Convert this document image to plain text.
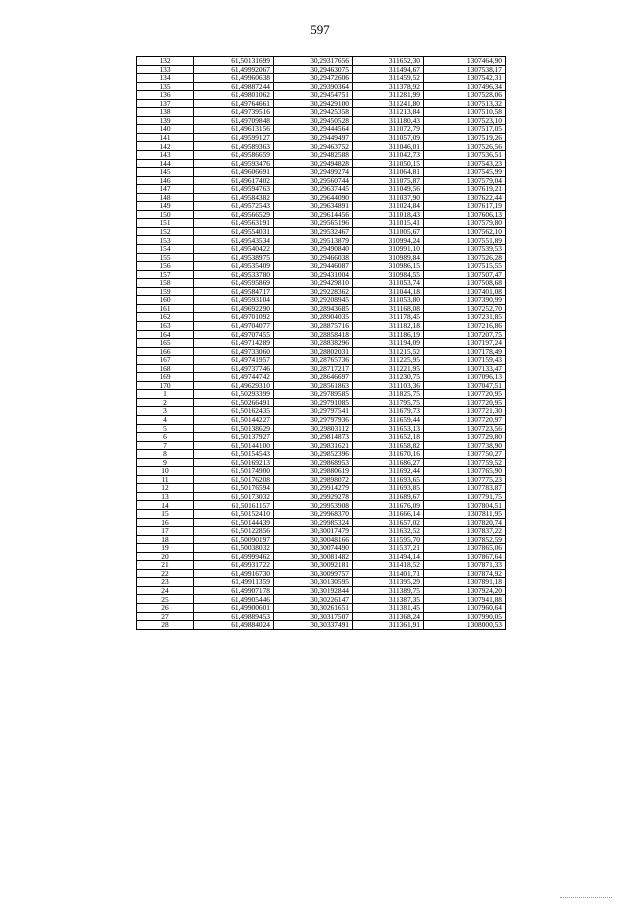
597
132	61,50131699	30,29317656	311652,30	1307464,90
133	61,49992067	30,29463075	311494,67	1307538,17
134	61,49960638	30,29472606	311459,52	1307542,31
135	61,49887244	30,29390364	311378,92	1307496,34
136	61,49801062	30,29454751	311281,99	1307528,06
137	61,49764661	30,29429100	311241,80	1307513,32
138	61,49739516	30,29425358	311213,84	1307510,58
139	61,49709848	30,29450528	311180,43	1307523,10
140	61,49613156	30,29444564	311072,79	1307517,05
141	61,49599127	30,29449497	311057,09	1307519,26
142	61,49589363	30,29463752	311046,01	1307526,56
143	61,49586659	30,29482588	311042,73	1307536,51
144	61,49593476	30,29494828	311050,15	1307543,23
145	61,49606691	30,29499274	311064,81	1307545,99
146	61,49617402	30,29560744	311075,87	1307579,04
147	61,49594763	30,29637445	311049,56	1307619,21
148	61,49584382	30,29644090	311037,90	1307622,44
149	61,49572543	30,29634891	311024,84	1307617,19
150	61,49566529	30,29614456	311018,43	1307606,13
151	61,49563191	30,29565196	311015,41	1307579,80
152	61,49554031	30,29532467	311005,67	1307562,10
153	61,49543534	30,29513879	310994,24	1307551,89
154	61,49540422	30,29490840	310991,10	1307539,53
155	61,49538975	30,29466038	310989,84	1307526,28
156	61,49535409	30,29446087	310986,15	1307515,55
157	61,49533780	30,29431004	310984,55	1307507,47
158	61,49595869	30,29429810	311053,74	1307508,68
159	61,49584717	30,29228362	311044,18	1307401,08
160	61,49593104	30,29208945	311053,80	1307390,99
161	61,49692290	30,28943685	311168,08	1307252,70
162	61,49701092	30,28904035	311178,45	1307231,85
163	61,49704077	30,28875716	311182,18	1307216,86
164	61,49707455	30,28858418	311186,19	1307207,75
165	61,49714289	30,28838296	311194,09	1307197,24
166	61,49733060	30,28802031	311215,52	1307178,49
167	61,49741957	30,28765736	311225,95	1307159,43
168	61,49737746	30,28717217	311221,95	1307133,47
169	61,49744742	30,28646697	311230,75	1307096,13
170	61,49629310	30,28561863	311103,36	1307047,51
1	61,50293399	30,29789585	311825,75	1307720,95
2	61,50266491	30,29791085	311795,75	1307720,95
3	61,50162435	30,29797541	311679,73	1307721,30
4	61,50144227	30,29797936	311659,44	1307720,97
5	61,50138629	30,29803112	311653,13	1307723,56
6	61,50137927	30,29814873	311652,18	1307729,80
7	61,50144100	30,29831621	311658,82	1307738,90
8	61,50154543	30,29852396	311670,16	1307750,27
9	61,50169213	30,29868953	311686,27	1307759,52
10	61,50174900	30,29880619	311692,44	1307765,90
11	61,50176208	30,29898072	311693,65	1307775,23
12	61,50176594	30,29914279	311693,85	1307783,87
13	61,50173032	30,29929278	311689,67	1307791,75
14	61,50161157	30,29953908	311676,09	1307804,51
15	61,50152410	30,29968370	311666,14	1307811,95
16	61,50144439	30,29985324	311657,02	1307820,74
17	61,50122856	30,30017479	311632,52	1307837,22
18	61,50090197	30,30048166	311595,70	1307852,59
19	61,50038032	30,30074490	311537,21	1307865,06
20	61,49999462	30,30081482	311494,14	1307867,64
21	61,49931722	30,30092181	311418,52	1307871,33
22	61,49916730	30,30099757	311401,71	1307874,92
23	61,49911359	30,30130595	311395,29	1307891,18
24	61,49907178	30,30192844	311389,75	1307924,20
25	61,49905446	30,30226147	311387,35	1307941,88
26	61,49900601	30,30261651	311381,45	1307960,64
27	61,49889453	30,30317507	311368,24	1307990,05
28	61,49884024	30,30337491	311361,91	1308000,53
